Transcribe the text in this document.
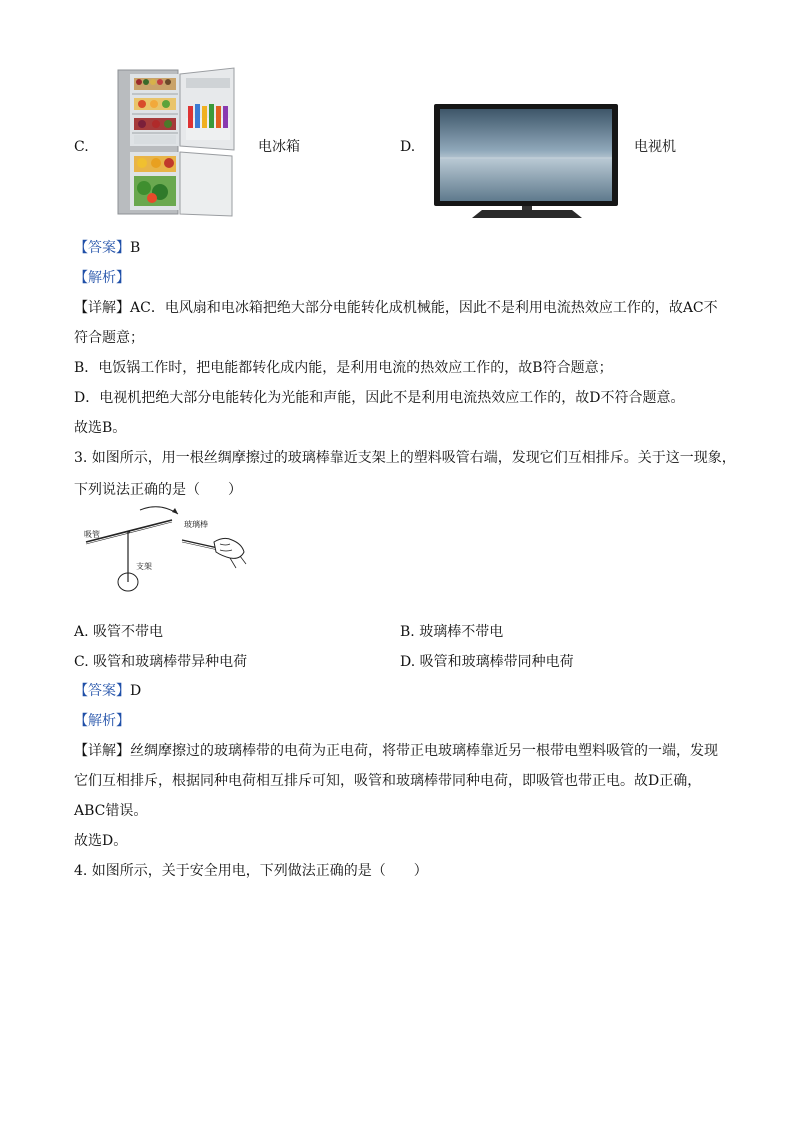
C.	电冰箱	D.	电视机
【答案】B
【解析】
【详解】AC．电风扇和电冰箱把绝大部分电能转化成机械能，因此不是利用电流热效应工作的，故AC不
符合题意；
B．电饭锅工作时，把电能都转化成内能，是利用电流的热效应工作的，故B符合题意；
D．电视机把绝大部分电能转化为光能和声能，因此不是利用电流热效应工作的，故D不符合题意。
故选B。
3. 如图所示，用一根丝绸摩擦过的玻璃棒靠近支架上的塑料吸管右端，发现它们互相排斥。关于这一现象，
下列说法正确的是（　　）
吸管
玻璃棒
支架
A. 吸管不带电	B. 玻璃棒不带电
C. 吸管和玻璃棒带异种电荷	D. 吸管和玻璃棒带同种电荷
【答案】D
【解析】
【详解】丝绸摩擦过的玻璃棒带的电荷为正电荷，将带正电玻璃棒靠近另一根带电塑料吸管的一端，发现
它们互相排斥，根据同种电荷相互排斥可知，吸管和玻璃棒带同种电荷，即吸管也带正电。故D正确，
ABC错误。
故选D。
4. 如图所示，关于安全用电，下列做法正确的是（　　）
